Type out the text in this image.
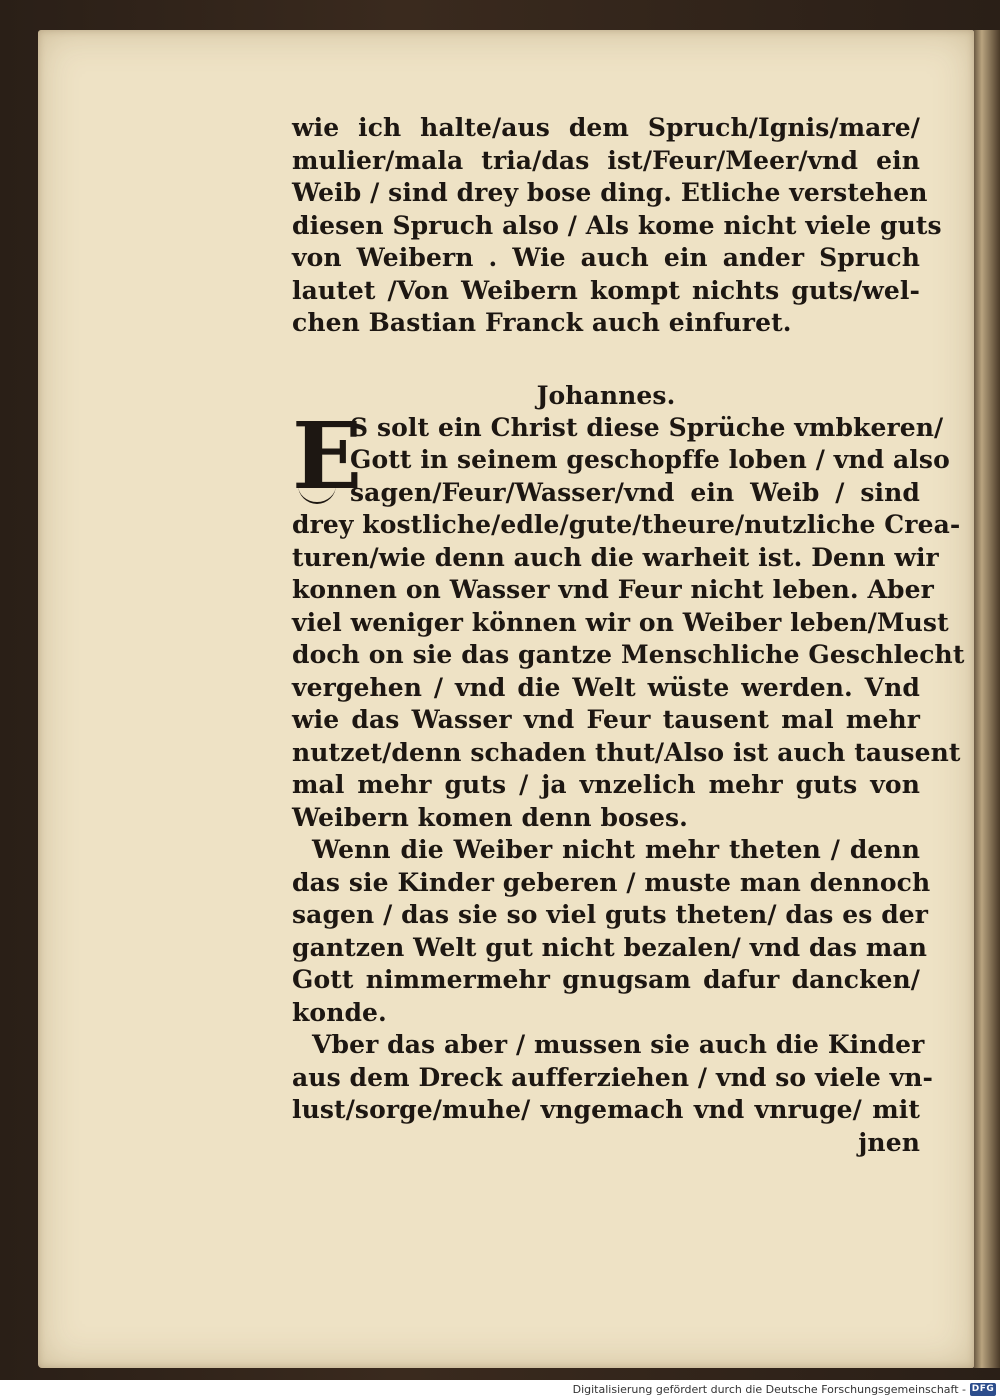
wie ich halte/aus dem Spruch/Ignis/mare/
mulier/mala tria/das ist/Feur/Meer/vnd ein
Weib / sind drey bose ding. Etliche verstehen
diesen Spruch also / Als kome nicht viele guts
von Weibern . Wie auch ein ander Spruch
lautet /Von Weibern kompt nichts guts/wel-
chen Bastian Franck auch einfuret.
Johannes.
E
S solt ein Christ diese Sprüche vmbkeren/
Gott in seinem geschopffe loben / vnd also
sagen/Feur/Wasser/vnd ein Weib / sind
drey kostliche/edle/gute/theure/nutzliche Crea-
turen/wie denn auch die warheit ist. Denn wir
konnen on Wasser vnd Feur nicht leben. Aber
viel weniger können wir on Weiber leben/Must
doch on sie das gantze Menschliche Geschlecht
vergehen / vnd die Welt wüste werden. Vnd
wie das Wasser vnd Feur tausent mal mehr
nutzet/denn schaden thut/Also ist auch tausent
mal mehr guts / ja vnzelich mehr guts von
Weibern komen denn boses.
Wenn die Weiber nicht mehr theten / denn
das sie Kinder geberen / muste man dennoch
sagen / das sie so viel guts theten/ das es der
gantzen Welt gut nicht bezalen/ vnd das man
Gott nimmermehr gnugsam dafur dancken/
konde.
Vber das aber / mussen sie auch die Kinder
aus dem Dreck aufferziehen / vnd so viele vn-
lust/sorge/muhe/ vngemach vnd vnruge/ mit
jnen
Digitalisierung gefördert durch die Deutsche Forschungsgemeinschaft - DFG
